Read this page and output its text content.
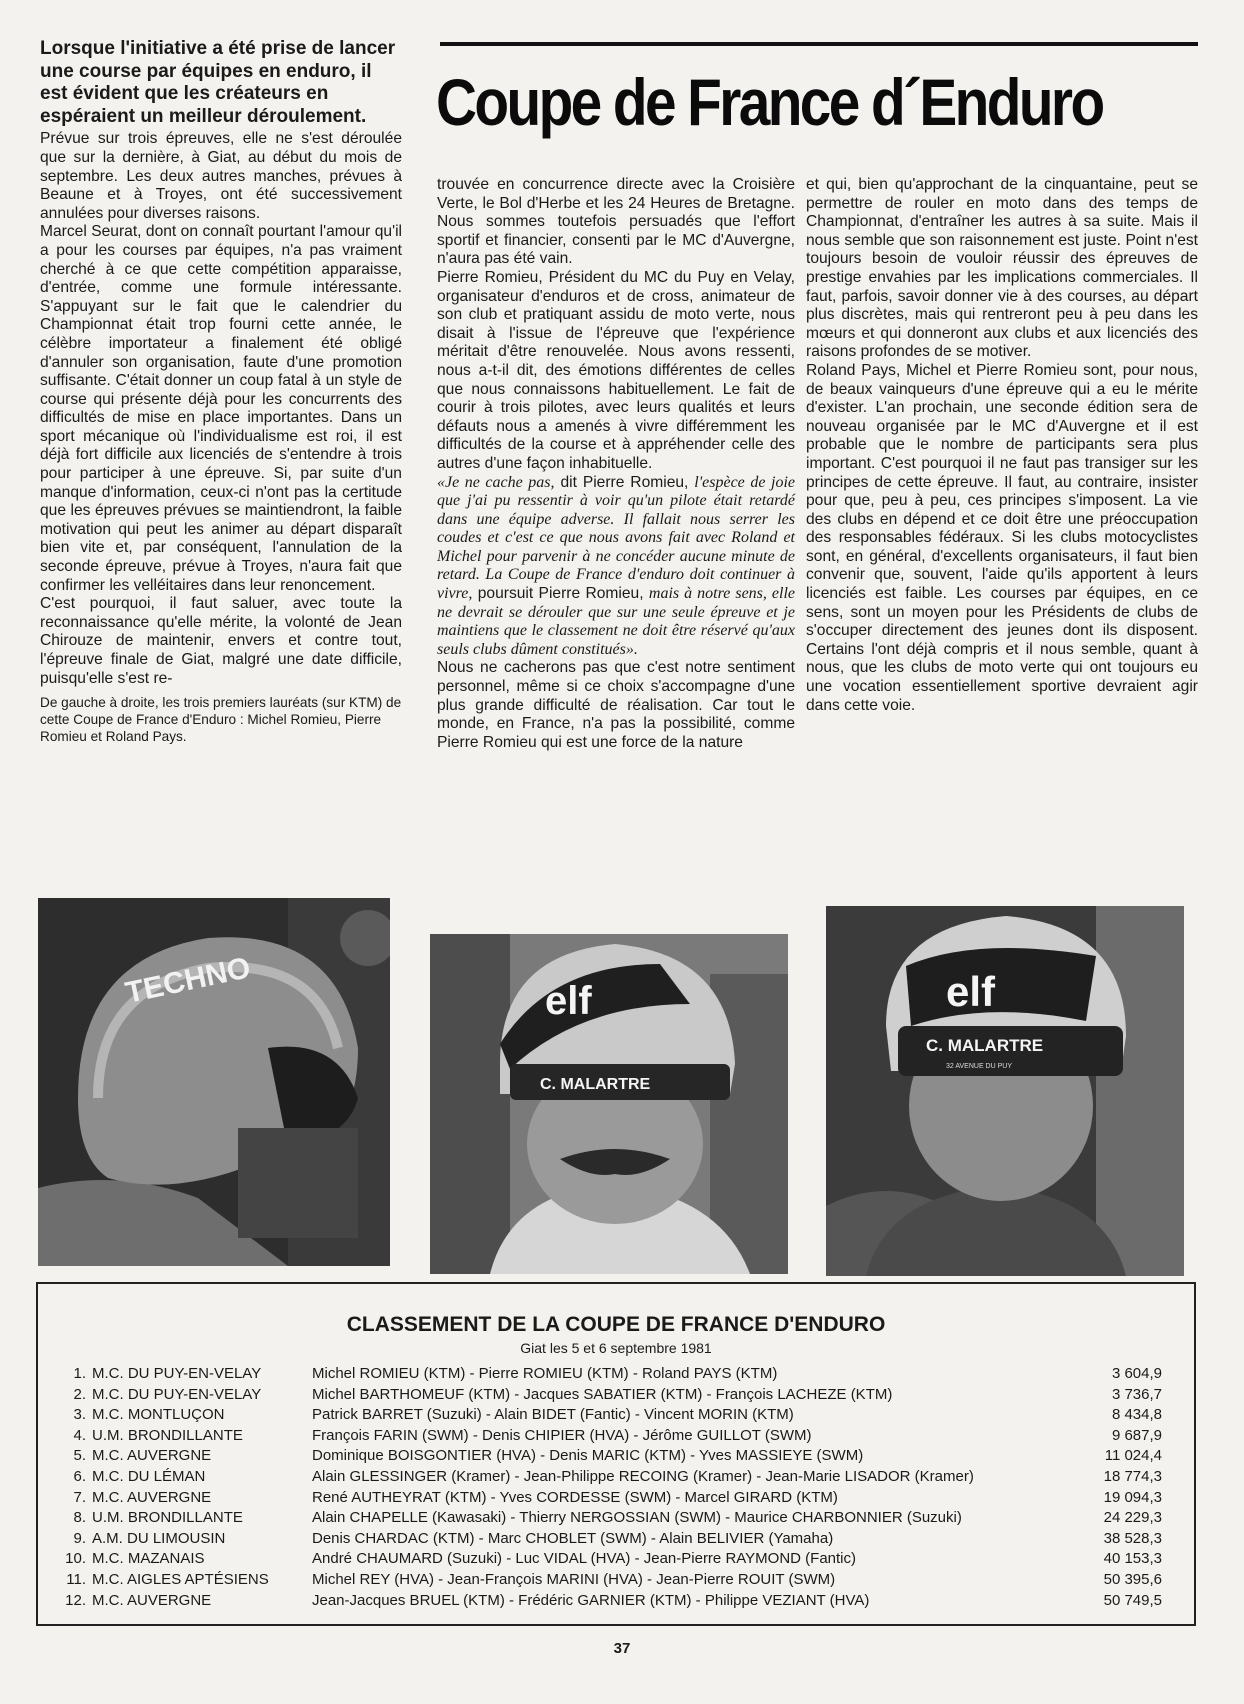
Coupe de France d´Enduro

Lorsque l'initiative a été prise de lancer une course par équipes en enduro, il est évident que les créateurs en espéraient un meilleur déroulement.

Prévue sur trois épreuves, elle ne s'est déroulée que sur la dernière, à Giat, au début du mois de septembre. Les deux autres manches, prévues à Beaune et à Troyes, ont été successivement annulées pour diverses raisons.

Marcel Seurat, dont on connaît pourtant l'amour qu'il a pour les courses par équipes, n'a pas vraiment cherché à ce que cette compétition apparaisse, d'entrée, comme une formule intéressante. S'appuyant sur le fait que le calendrier du Championnat était trop fourni cette année, le célèbre importateur a finalement été obligé d'annuler son organisation, faute d'une promotion suffisante. C'était donner un coup fatal à un style de course qui présente déjà pour les concurrents des difficultés de mise en place importantes. Dans un sport mécanique où l'individualisme est roi, il est déjà fort difficile aux licenciés de s'entendre à trois pour participer à une épreuve. Si, par suite d'un manque d'information, ceux-ci n'ont pas la certitude que les épreuves prévues se maintiendront, la faible motivation qui peut les animer au départ disparaît bien vite et, par conséquent, l'annulation de la seconde épreuve, prévue à Troyes, n'aura fait que confirmer les velléitaires dans leur renoncement.

C'est pourquoi, il faut saluer, avec toute la reconnaissance qu'elle mérite, la volonté de Jean Chirouze de maintenir, envers et contre tout, l'épreuve finale de Giat, malgré une date difficile, puisqu'elle s'est re-

De gauche à droite, les trois premiers lauréats (sur KTM) de cette Coupe de France d'Enduro : Michel Romieu, Pierre Romieu et Roland Pays.

trouvée en concurrence directe avec la Croisière Verte, le Bol d'Herbe et les 24 Heures de Bretagne. Nous sommes toutefois persuadés que l'effort sportif et financier, consenti par le MC d'Auvergne, n'aura pas été vain.

Pierre Romieu, Président du MC du Puy en Velay, organisateur d'enduros et de cross, animateur de son club et pratiquant assidu de moto verte, nous disait à l'issue de l'épreuve que l'expérience méritait d'être renouvelée. Nous avons ressenti, nous a-t-il dit, des émotions différentes de celles que nous connaissons habituellement. Le fait de courir à trois pilotes, avec leurs qualités et leurs défauts nous a amenés à vivre différemment les difficultés de la course et à appréhender celle des autres d'une façon inhabituelle.

«Je ne cache pas, dit Pierre Romieu, l'espèce de joie que j'ai pu ressentir à voir qu'un pilote était retardé dans une équipe adverse. Il fallait nous serrer les coudes et c'est ce que nous avons fait avec Roland et Michel pour parvenir à ne concéder aucune minute de retard. La Coupe de France d'enduro doit continuer à vivre, poursuit Pierre Romieu, mais à notre sens, elle ne devrait se dérouler que sur une seule épreuve et je maintiens que le classement ne doit être réservé qu'aux seuls clubs dûment constitués».

Nous ne cacherons pas que c'est notre sentiment personnel, même si ce choix s'accompagne d'une plus grande difficulté de réalisation. Car tout le monde, en France, n'a pas la possibilité, comme Pierre Romieu qui est une force de la nature

et qui, bien qu'approchant de la cinquantaine, peut se permettre de rouler en moto dans des temps de Championnat, d'entraîner les autres à sa suite. Mais il nous semble que son raisonnement est juste. Point n'est toujours besoin de vouloir réussir des épreuves de prestige envahies par les implications commerciales. Il faut, parfois, savoir donner vie à des courses, au départ plus discrètes, mais qui rentreront peu à peu dans les mœurs et qui donneront aux clubs et aux licenciés des raisons profondes de se motiver.

Roland Pays, Michel et Pierre Romieu sont, pour nous, de beaux vainqueurs d'une épreuve qui a eu le mérite d'exister. L'an prochain, une seconde édition sera de nouveau organisée par le MC d'Auvergne et il est probable que le nombre de participants sera plus important. C'est pourquoi il ne faut pas transiger sur les principes de cette épreuve. Il faut, au contraire, insister pour que, peu à peu, ces principes s'imposent. La vie des clubs en dépend et ce doit être une préoccupation des responsables fédéraux. Si les clubs motocyclistes sont, en général, d'excellents organisateurs, il faut bien convenir que, souvent, l'aide qu'ils apportent à leurs licenciés est faible. Les courses par équipes, en ce sens, sont un moyen pour les Présidents de clubs de s'occuper directement des jeunes dont ils disposent. Certains l'ont déjà compris et il nous semble, quant à nous, que les clubs de moto verte qui ont toujours eu une vocation essentiellement sportive devraient agir dans cette voie.

TECHNO	elf
C. MALARTRE
elf
C. MALARTRE
32 AVENUE DU PUY
CLASSEMENT DE LA COUPE DE FRANCE D'ENDURO
Giat les 5 et 6 septembre 1981
1. M.C. DU PUY-EN-VELAY	Michel ROMIEU (KTM) - Pierre ROMIEU (KTM) - Roland PAYS (KTM)	3 604,9
2. M.C. DU PUY-EN-VELAY	Michel BARTHOMEUF (KTM) - Jacques SABATIER (KTM) - François LACHEZE (KTM)	3 736,7
3. M.C. MONTLUÇON	Patrick BARRET (Suzuki) - Alain BIDET (Fantic) - Vincent MORIN (KTM)	8 434,8
4. U.M. BRONDILLANTE	François FARIN (SWM) - Denis CHIPIER (HVA) - Jérôme GUILLOT (SWM)	9 687,9
5. M.C. AUVERGNE	Dominique BOISGONTIER (HVA) - Denis MARIC (KTM) - Yves MASSIEYE (SWM)	11 024,4
6. M.C. DU LÉMAN	Alain GLESSINGER (Kramer) - Jean-Philippe RECOING (Kramer) - Jean-Marie LISADOR (Kramer)	18 774,3
7. M.C. AUVERGNE	René AUTHEYRAT (KTM) - Yves CORDESSE (SWM) - Marcel GIRARD (KTM)	19 094,3
8. U.M. BRONDILLANTE	Alain CHAPELLE (Kawasaki) - Thierry NERGOSSIAN (SWM) - Maurice CHARBONNIER (Suzuki)	24 229,3
9. A.M. DU LIMOUSIN	Denis CHARDAC (KTM) - Marc CHOBLET (SWM) - Alain BELIVIER (Yamaha)	38 528,3
10. M.C. MAZANAIS	André CHAUMARD (Suzuki) - Luc VIDAL (HVA) - Jean-Pierre RAYMOND (Fantic)	40 153,3
11. M.C. AIGLES APTÉSIENS	Michel REY (HVA) - Jean-François MARINI (HVA) - Jean-Pierre ROUIT (SWM)	50 395,6
12. M.C. AUVERGNE	Jean-Jacques BRUEL (KTM) - Frédéric GARNIER (KTM) - Philippe VEZIANT (HVA)	50 749,5
37
